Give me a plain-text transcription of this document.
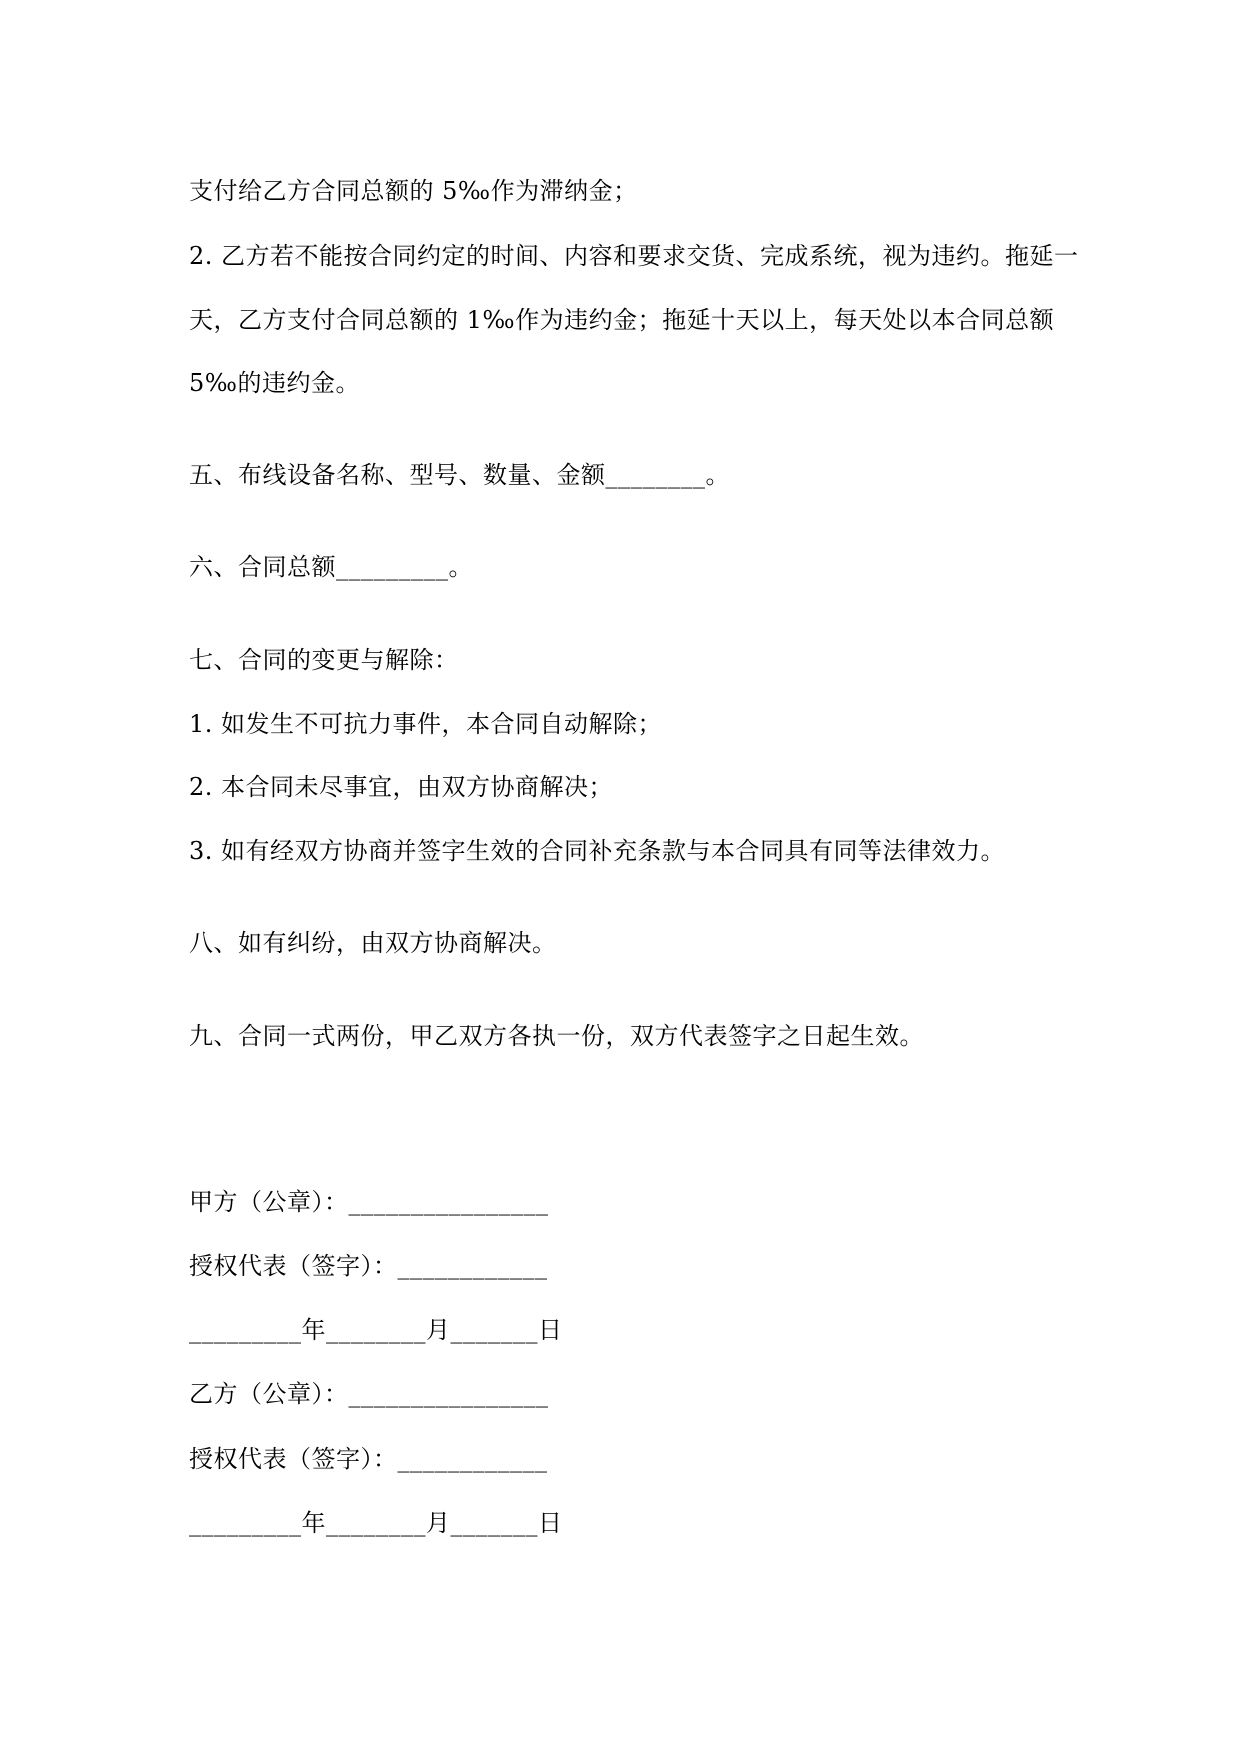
支付给乙方合同总额的 5‰作为滞纳金；
2. 乙方若不能按合同约定的时间、内容和要求交货、完成系统，视为违约。拖延一
天，乙方支付合同总额的 1‰作为违约金；拖延十天以上，每天处以本合同总额
5‰的违约金。
五、布线设备名称、型号、数量、金额________。
六、合同总额_________。
七、合同的变更与解除：
1. 如发生不可抗力事件，本合同自动解除；
2. 本合同未尽事宜，由双方协商解决；
3. 如有经双方协商并签字生效的合同补充条款与本合同具有同等法律效力。
八、如有纠纷，由双方协商解决。
九、合同一式两份，甲乙双方各执一份，双方代表签字之日起生效。
甲方（公章）：________________
授权代表（签字）：____________
_________年________月_______日
乙方（公章）：________________
授权代表（签字）：____________
_________年________月_______日
